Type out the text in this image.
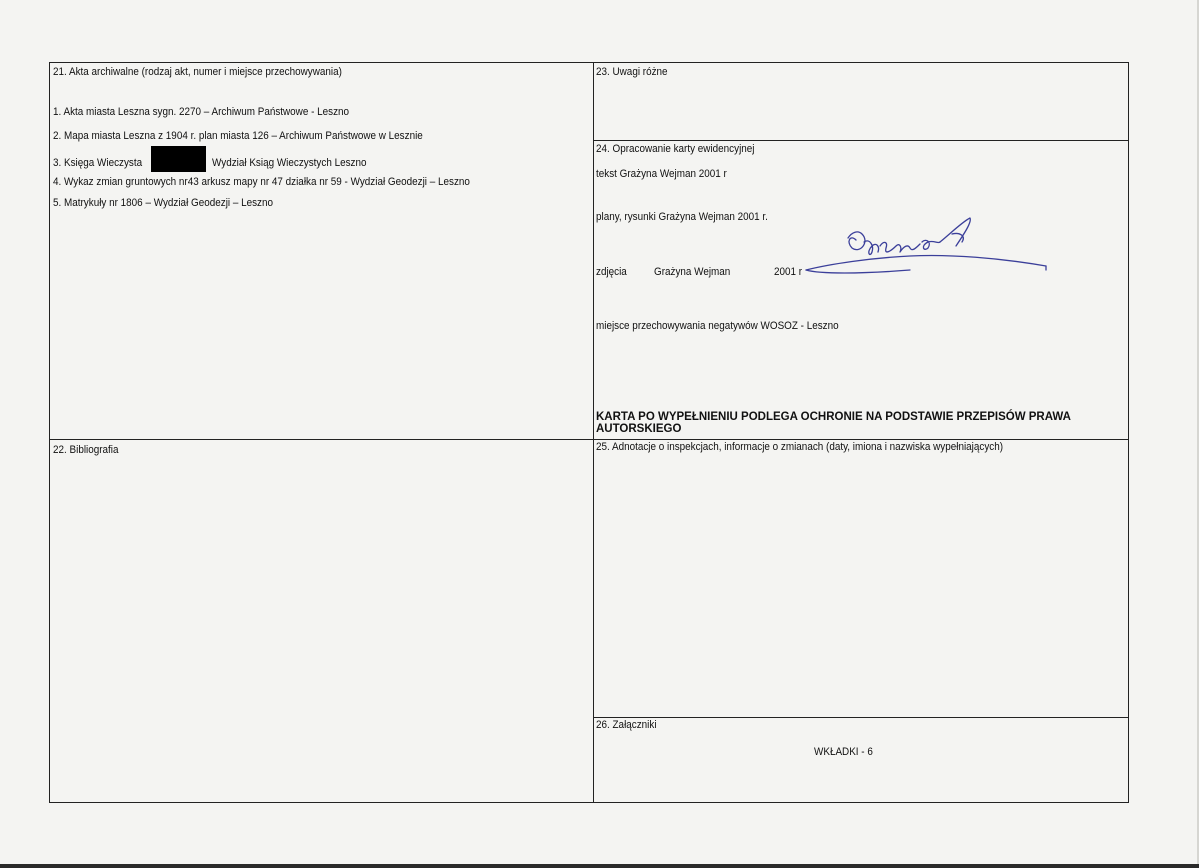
21. Akta archiwalne (rodzaj akt, numer i miejsce przechowywania)
1. Akta miasta Leszna sygn. 2270 – Archiwum Państwowe - Leszno
2. Mapa miasta Leszna z 1904 r. plan miasta 126 – Archiwum Państwowe w Lesznie
3. Księga Wieczysta	Wydział Ksiąg Wieczystych Leszno
4. Wykaz zmian gruntowych nr43 arkusz mapy nr 47 działka nr 59 - Wydział Geodezji – Leszno
5. Matrykuły nr 1806 – Wydział Geodezji – Leszno
22. Bibliografia
23. Uwagi różne
24. Opracowanie karty ewidencyjnej
tekst Grażyna Wejman 2001 r
plany, rysunki Grażyna Wejman 2001 r.
zdjęcia Grażyna Wejman	2001 r
miejsce przechowywania negatywów WOSOZ - Leszno
KARTA PO WYPEŁNIENIU PODLEGA OCHRONIE NA PODSTAWIE PRZEPISÓW PRAWA AUTORSKIEGO
25. Adnotacje o inspekcjach, informacje o zmianach (daty, imiona i nazwiska wypełniających)
26. Załączniki
WKŁADKI - 6
